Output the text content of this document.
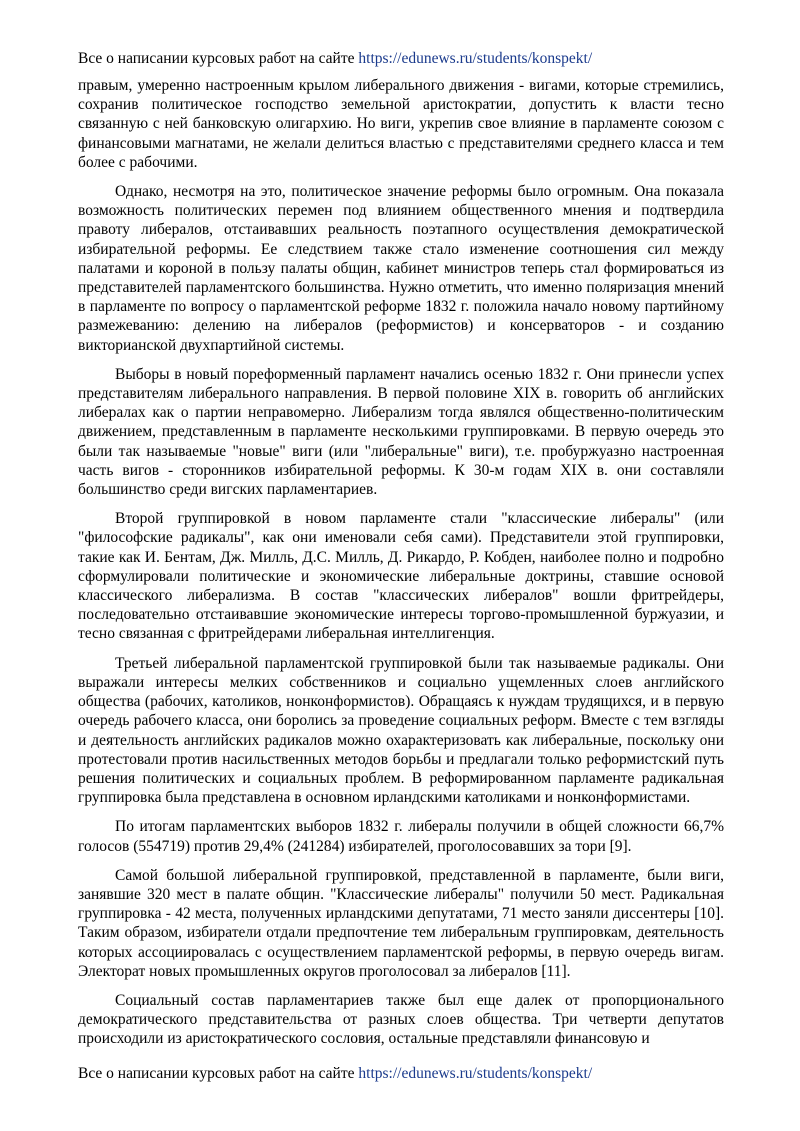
Все о написании курсовых работ на сайте https://edunews.ru/students/konspekt/

правым, умеренно настроенным крылом либерального движения - вигами, которые стремились, сохранив политическое господство земельной аристократии, допустить к власти тесно связанную с ней банковскую олигархию. Но виги, укрепив свое влияние в парламенте союзом с финансовыми магнатами, не желали делиться властью с представителями среднего класса и тем более с рабочими.

Однако, несмотря на это, политическое значение реформы было огромным. Она показала возможность политических перемен под влиянием общественного мнения и подтвердила правоту либералов, отстаивавших реальность поэтапного осуществления демократической избирательной реформы. Ее следствием также стало изменение соотношения сил между палатами и короной в пользу палаты общин, кабинет министров теперь стал формироваться из представителей парламентского большинства. Нужно отметить, что именно поляризация мнений в парламенте по вопросу о парламентской реформе 1832 г. положила начало новому партийному размежеванию: делению на либералов (реформистов) и консерваторов - и созданию викторианской двухпартийной системы.

Выборы в новый пореформенный парламент начались осенью 1832 г. Они принесли успех представителям либерального направления. В первой половине XIX в. говорить об английских либералах как о партии неправомерно. Либерализм тогда являлся общественно-политическим движением, представленным в парламенте несколькими группировками. В первую очередь это были так называемые "новые" виги (или "либеральные" виги), т.е. пробуржуазно настроенная часть вигов - сторонников избирательной реформы. К 30-м годам XIX в. они составляли большинство среди вигских парламентариев.

Второй группировкой в новом парламенте стали "классические либералы" (или "философские радикалы", как они именовали себя сами). Представители этой группировки, такие как И. Бентам, Дж. Милль, Д.С. Милль, Д. Рикардо, Р. Кобден, наиболее полно и подробно сформулировали политические и экономические либеральные доктрины, ставшие основой классического либерализма. В состав "классических либералов" вошли фритрейдеры, последовательно отстаивавшие экономические интересы торгово-промышленной буржуазии, и тесно связанная с фритрейдерами либеральная интеллигенция.

Третьей либеральной парламентской группировкой были так называемые радикалы. Они выражали интересы мелких собственников и социально ущемленных слоев английского общества (рабочих, католиков, нонконформистов). Обращаясь к нуждам трудящихся, и в первую очередь рабочего класса, они боролись за проведение социальных реформ. Вместе с тем взгляды и деятельность английских радикалов можно охарактеризовать как либеральные, поскольку они протестовали против насильственных методов борьбы и предлагали только реформистский путь решения политических и социальных проблем. В реформированном парламенте радикальная группировка была представлена в основном ирландскими католиками и нонконформистами.

По итогам парламентских выборов 1832 г. либералы получили в общей сложности 66,7% голосов (554719) против 29,4% (241284) избирателей, проголосовавших за тори [9].

Самой большой либеральной группировкой, представленной в парламенте, были виги, занявшие 320 мест в палате общин. "Классические либералы" получили 50 мест. Радикальная группировка - 42 места, полученных ирландскими депутатами, 71 место заняли диссентеры [10]. Таким образом, избиратели отдали предпочтение тем либеральным группировкам, деятельность которых ассоциировалась с осуществлением парламентской реформы, в первую очередь вигам. Электорат новых промышленных округов проголосовал за либералов [11].

Социальный состав парламентариев также был еще далек от пропорционального демократического представительства от разных слоев общества. Три четверти депутатов происходили из аристократического сословия, остальные представляли финансовую и

Все о написании курсовых работ на сайте https://edunews.ru/students/konspekt/
